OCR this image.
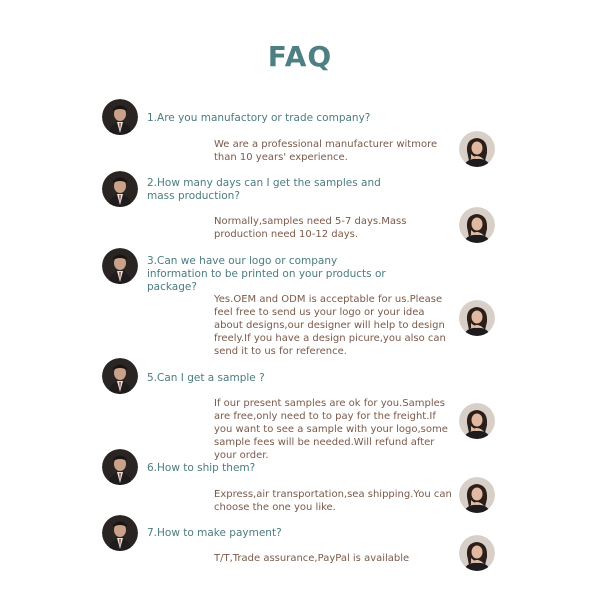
FAQ
1.Are you manufactory or trade company?
We are a professional manufacturer witmore than 10 years' experience.
2.How many days can I get the samples and mass production?
Normally,samples need 5-7 days.Mass production need 10-12 days.
3.Can we have our logo or company information to be printed on your products or package?
Yes.OEM and ODM is acceptable for us.Please feel free to send us your logo or your idea about designs,our designer will help to design freely.If you have a design picure,you also can send it to us for reference.
5.Can I get a sample ?
If our present samples are ok for you.Samples are free,only need to to pay for the freight.If you want to see a sample with your logo,some sample fees will be needed.Will refund after your order.
6.How to ship them?
Express,air transportation,sea shipping.You can choose the one you like.
7.How to make payment?
T/T,Trade assurance,PayPal is available
